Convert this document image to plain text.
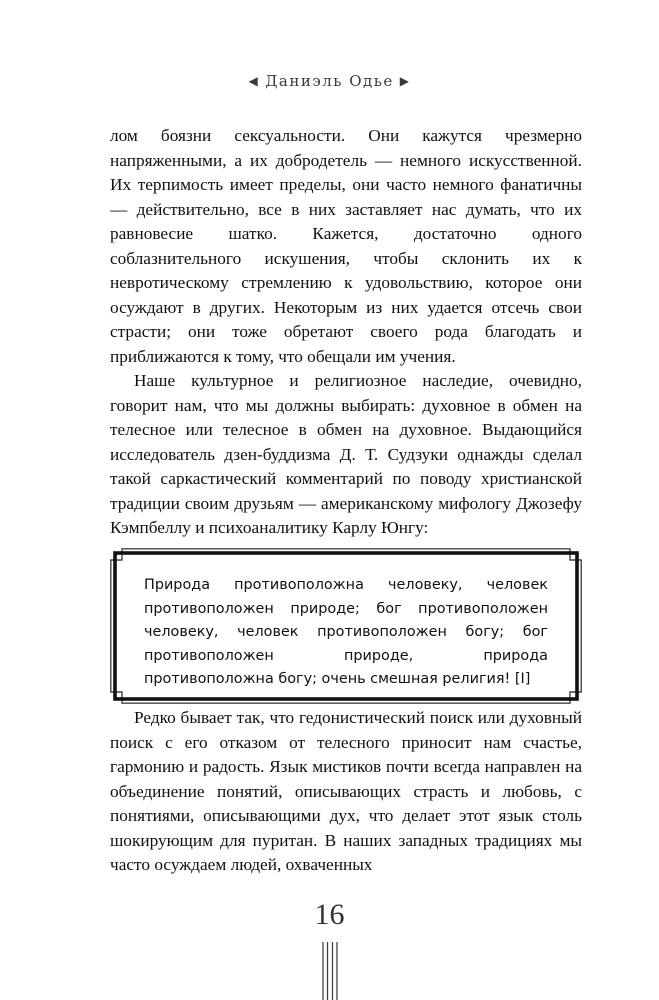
◀ Даниэль Одье ▶

лом боязни сексуальности. Они кажутся чрезмерно напряженными, а их добродетель — немного искусственной. Их терпимость имеет пределы, они часто немного фанатичны — действительно, все в них заставляет нас думать, что их равновесие шатко. Кажется, достаточно одного соблазнительного искушения, чтобы склонить их к невротическому стремлению к удовольствию, которое они осуждают в других. Некоторым из них удается отсечь свои страсти; они тоже обретают своего рода благодать и приближаются к тому, что обещали им учения.

Наше культурное и религиозное наследие, очевидно, говорит нам, что мы должны выбирать: духовное в обмен на телесное или телесное в обмен на духовное. Выдающийся исследователь дзен-буддизма Д. Т. Судзуки однажды сделал такой саркастический комментарий по поводу христианской традиции своим друзьям — американскому мифологу Джозефу Кэмпбеллу и психоаналитику Карлу Юнгу:

Природа противоположна человеку, человек противоположен природе; бог противоположен человеку, человек противоположен богу; бог противоположен природе, природа противоположна богу; очень смешная религия! [I]

Редко бывает так, что гедонистический поиск или духовный поиск с его отказом от телесного приносит нам счастье, гармонию и радость. Язык мистиков почти всегда направлен на объединение понятий, описывающих страсть и любовь, с понятиями, описывающими дух, что делает этот язык столь шокирующим для пуритан. В наших западных традициях мы часто осуждаем людей, охваченных

16
